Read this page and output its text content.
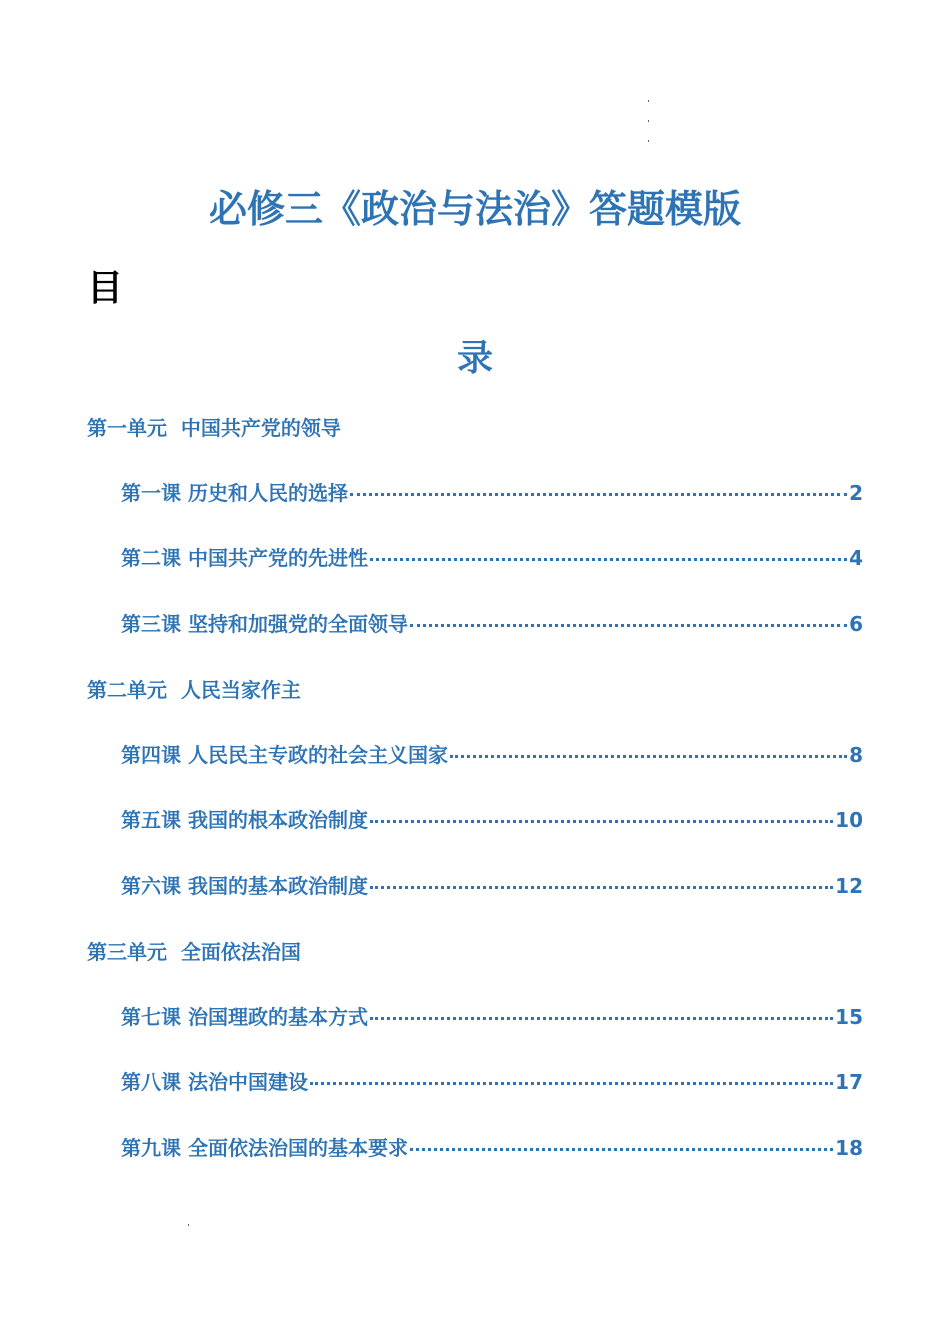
必修三《政治与法治》答题模版
目
录
第一单元  中国共产党的领导
第一课 历史和人民的选择	2
第二课 中国共产党的先进性	4
第三课 坚持和加强党的全面领导	6
第二单元  人民当家作主
第四课 人民民主专政的社会主义国家	8
第五课 我国的根本政治制度	10
第六课 我国的基本政治制度	12
第三单元  全面依法治国
第七课 治国理政的基本方式	15
第八课 法治中国建设	17
第九课 全面依法治国的基本要求	18
